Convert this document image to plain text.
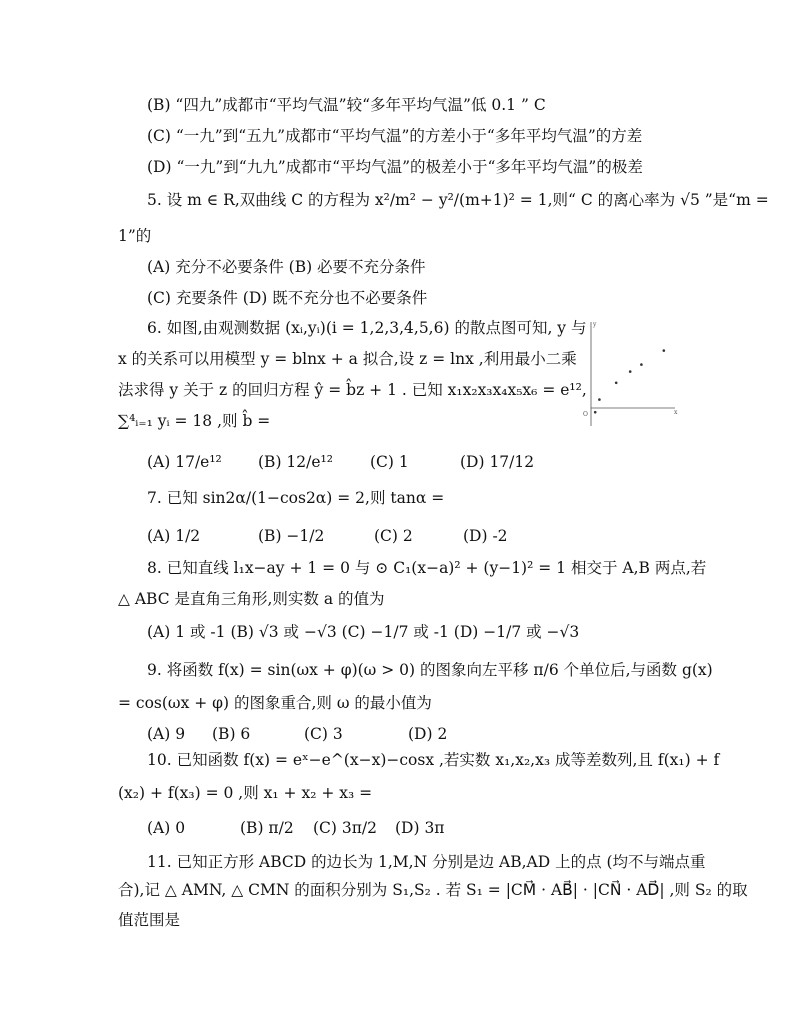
(B) “四九”成都市“平均气温”较“多年平均气温”低 0.1 ” C
(C) “一九”到“五九”成都市“平均气温”的方差小于“多年平均气温”的方差
(D) “一九”到“九九”成都市“平均气温”的极差小于“多年平均气温”的极差
5. 设 m ∈ R,双曲线 C 的方程为 x²/m² − y²/(m+1)² = 1,则“ C 的离心率为 √5 ”是“m =
1”的
(A) 充分不必要条件 (B) 必要不充分条件
(C) 充要条件 (D) 既不充分也不必要条件
6. 如图,由观测数据 (xᵢ,yᵢ)(i = 1,2,3,4,5,6) 的散点图可知, y 与
x 的关系可以用模型 y = blnx + a 拟合,设 z = lnx ,利用最小二乘
法求得 y 关于 z 的回归方程 ŷ = b̂z + 1 . 已知 x₁x₂x₃x₄x₅x₆ = e¹²,
∑⁴ᵢ₌₁ yᵢ = 18 ,则 b̂ =
(A) 17/e¹² (B) 12/e¹² (C) 1	(D) 17/12
x
y
O
7. 已知 sin2α/(1−cos2α) = 2,则 tanα =
(A) 1/2	(B) −1/2	(C) 2	(D) -2
8. 已知直线 l₁x−ay + 1 = 0 与 ⊙ C₁(x−a)² + (y−1)² = 1 相交于 A,B 两点,若
△ ABC 是直角三角形,则实数 a 的值为
(A) 1 或 -1 (B) √3 或 −√3 (C) −1/7 或 -1 (D) −1/7 或 −√3
9. 将函数 f(x) = sin(ωx + φ)(ω > 0) 的图象向左平移 π/6 个单位后,与函数 g(x)
= cos(ωx + φ) 的图象重合,则 ω 的最小值为
(A) 9 (B) 6	(C) 3	(D) 2
10. 已知函数 f(x) = eˣ−e^(x−x)−cosx ,若实数 x₁,x₂,x₃ 成等差数列,且 f(x₁) + f
(x₂) + f(x₃) = 0 ,则 x₁ + x₂ + x₃ =
(A) 0	(B) π/2 (C) 3π/2 (D) 3π
11. 已知正方形 ABCD 的边长为 1,M,N 分别是边 AB,AD 上的点 (均不与端点重
合),记 △ AMN, △ CMN 的面积分别为 S₁,S₂ . 若 S₁ = |CM⃗ · AB⃗| · |CN⃗ · AD⃗| ,则 S₂ 的取
值范围是
